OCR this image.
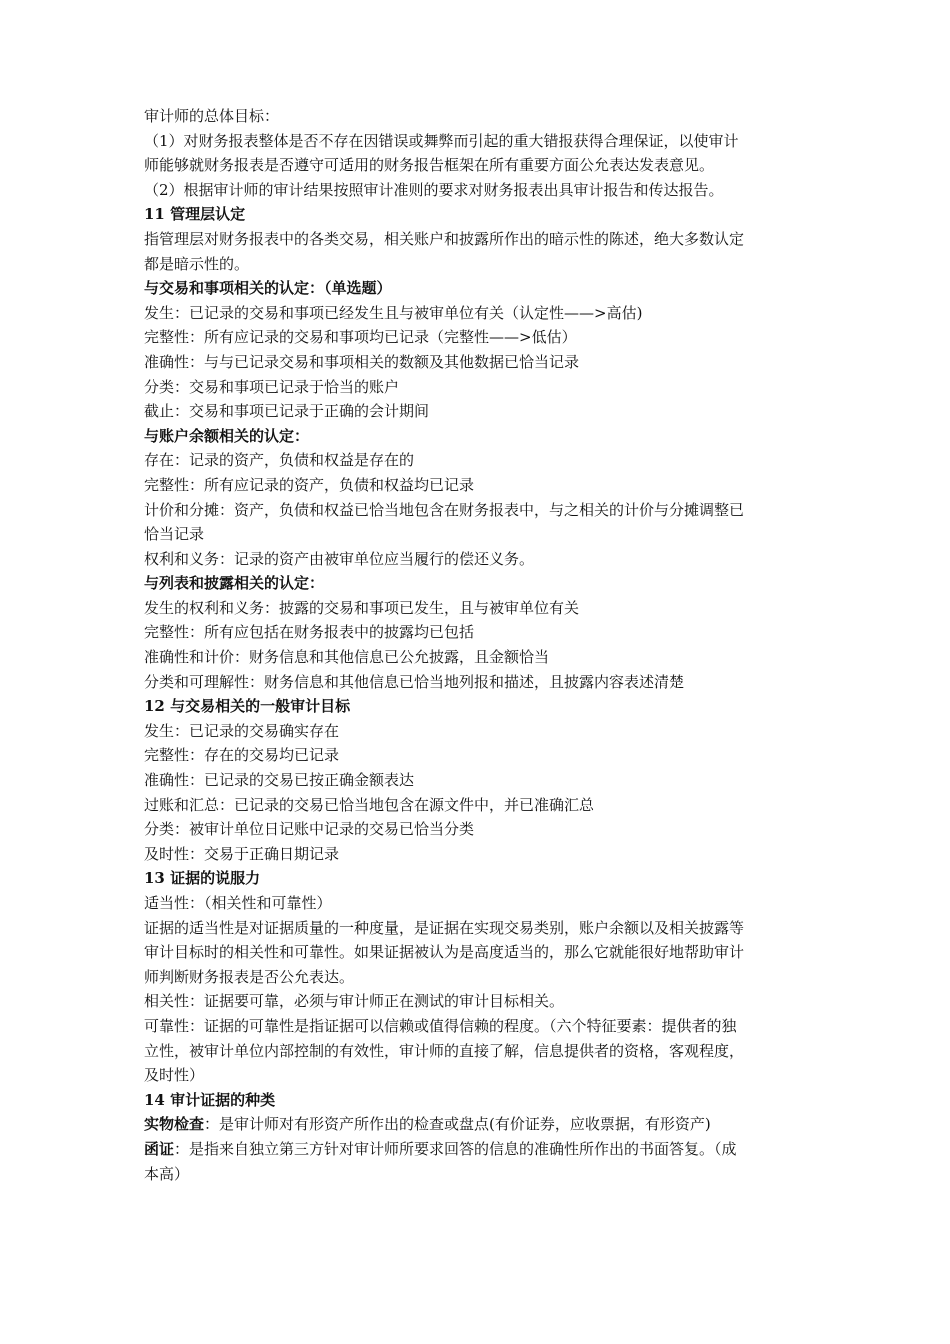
审计师的总体目标：
（1）对财务报表整体是否不存在因错误或舞弊而引起的重大错报获得合理保证，以使审计
师能够就财务报表是否遵守可适用的财务报告框架在所有重要方面公允表达发表意见。
（2）根据审计师的审计结果按照审计准则的要求对财务报表出具审计报告和传达报告。
11 管理层认定
指管理层对财务报表中的各类交易，相关账户和披露所作出的暗示性的陈述，绝大多数认定
都是暗示性的。
与交易和事项相关的认定：（单选题）
发生：已记录的交易和事项已经发生且与被审单位有关（认定性——>高估)
完整性：所有应记录的交易和事项均已记录（完整性——>低估）
准确性：与与已记录交易和事项相关的数额及其他数据已恰当记录
分类：交易和事项已记录于恰当的账户
截止：交易和事项已记录于正确的会计期间
与账户余额相关的认定：
存在：记录的资产，负债和权益是存在的
完整性：所有应记录的资产，负债和权益均已记录
计价和分摊：资产，负债和权益已恰当地包含在财务报表中，与之相关的计价与分摊调整已
恰当记录
权利和义务：记录的资产由被审单位应当履行的偿还义务。
与列表和披露相关的认定：
发生的权利和义务：披露的交易和事项已发生，且与被审单位有关
完整性：所有应包括在财务报表中的披露均已包括
准确性和计价：财务信息和其他信息已公允披露，且金额恰当
分类和可理解性：财务信息和其他信息已恰当地列报和描述，且披露内容表述清楚
12 与交易相关的一般审计目标
发生：已记录的交易确实存在
完整性：存在的交易均已记录
准确性：已记录的交易已按正确金额表达
过账和汇总：已记录的交易已恰当地包含在源文件中，并已准确汇总
分类：被审计单位日记账中记录的交易已恰当分类
及时性：交易于正确日期记录
13 证据的说服力
适当性：（相关性和可靠性）
证据的适当性是对证据质量的一种度量，是证据在实现交易类别，账户余额以及相关披露等
审计目标时的相关性和可靠性。如果证据被认为是高度适当的，那么它就能很好地帮助审计
师判断财务报表是否公允表达。
相关性：证据要可靠，必须与审计师正在测试的审计目标相关。
可靠性：证据的可靠性是指证据可以信赖或值得信赖的程度。（六个特征要素：提供者的独
立性，被审计单位内部控制的有效性，审计师的直接了解，信息提供者的资格，客观程度，
及时性）
14 审计证据的种类
实物检查：是审计师对有形资产所作出的检查或盘点(有价证券，应收票据，有形资产)
函证：是指来自独立第三方针对审计师所要求回答的信息的准确性所作出的书面答复。（成
本高）
